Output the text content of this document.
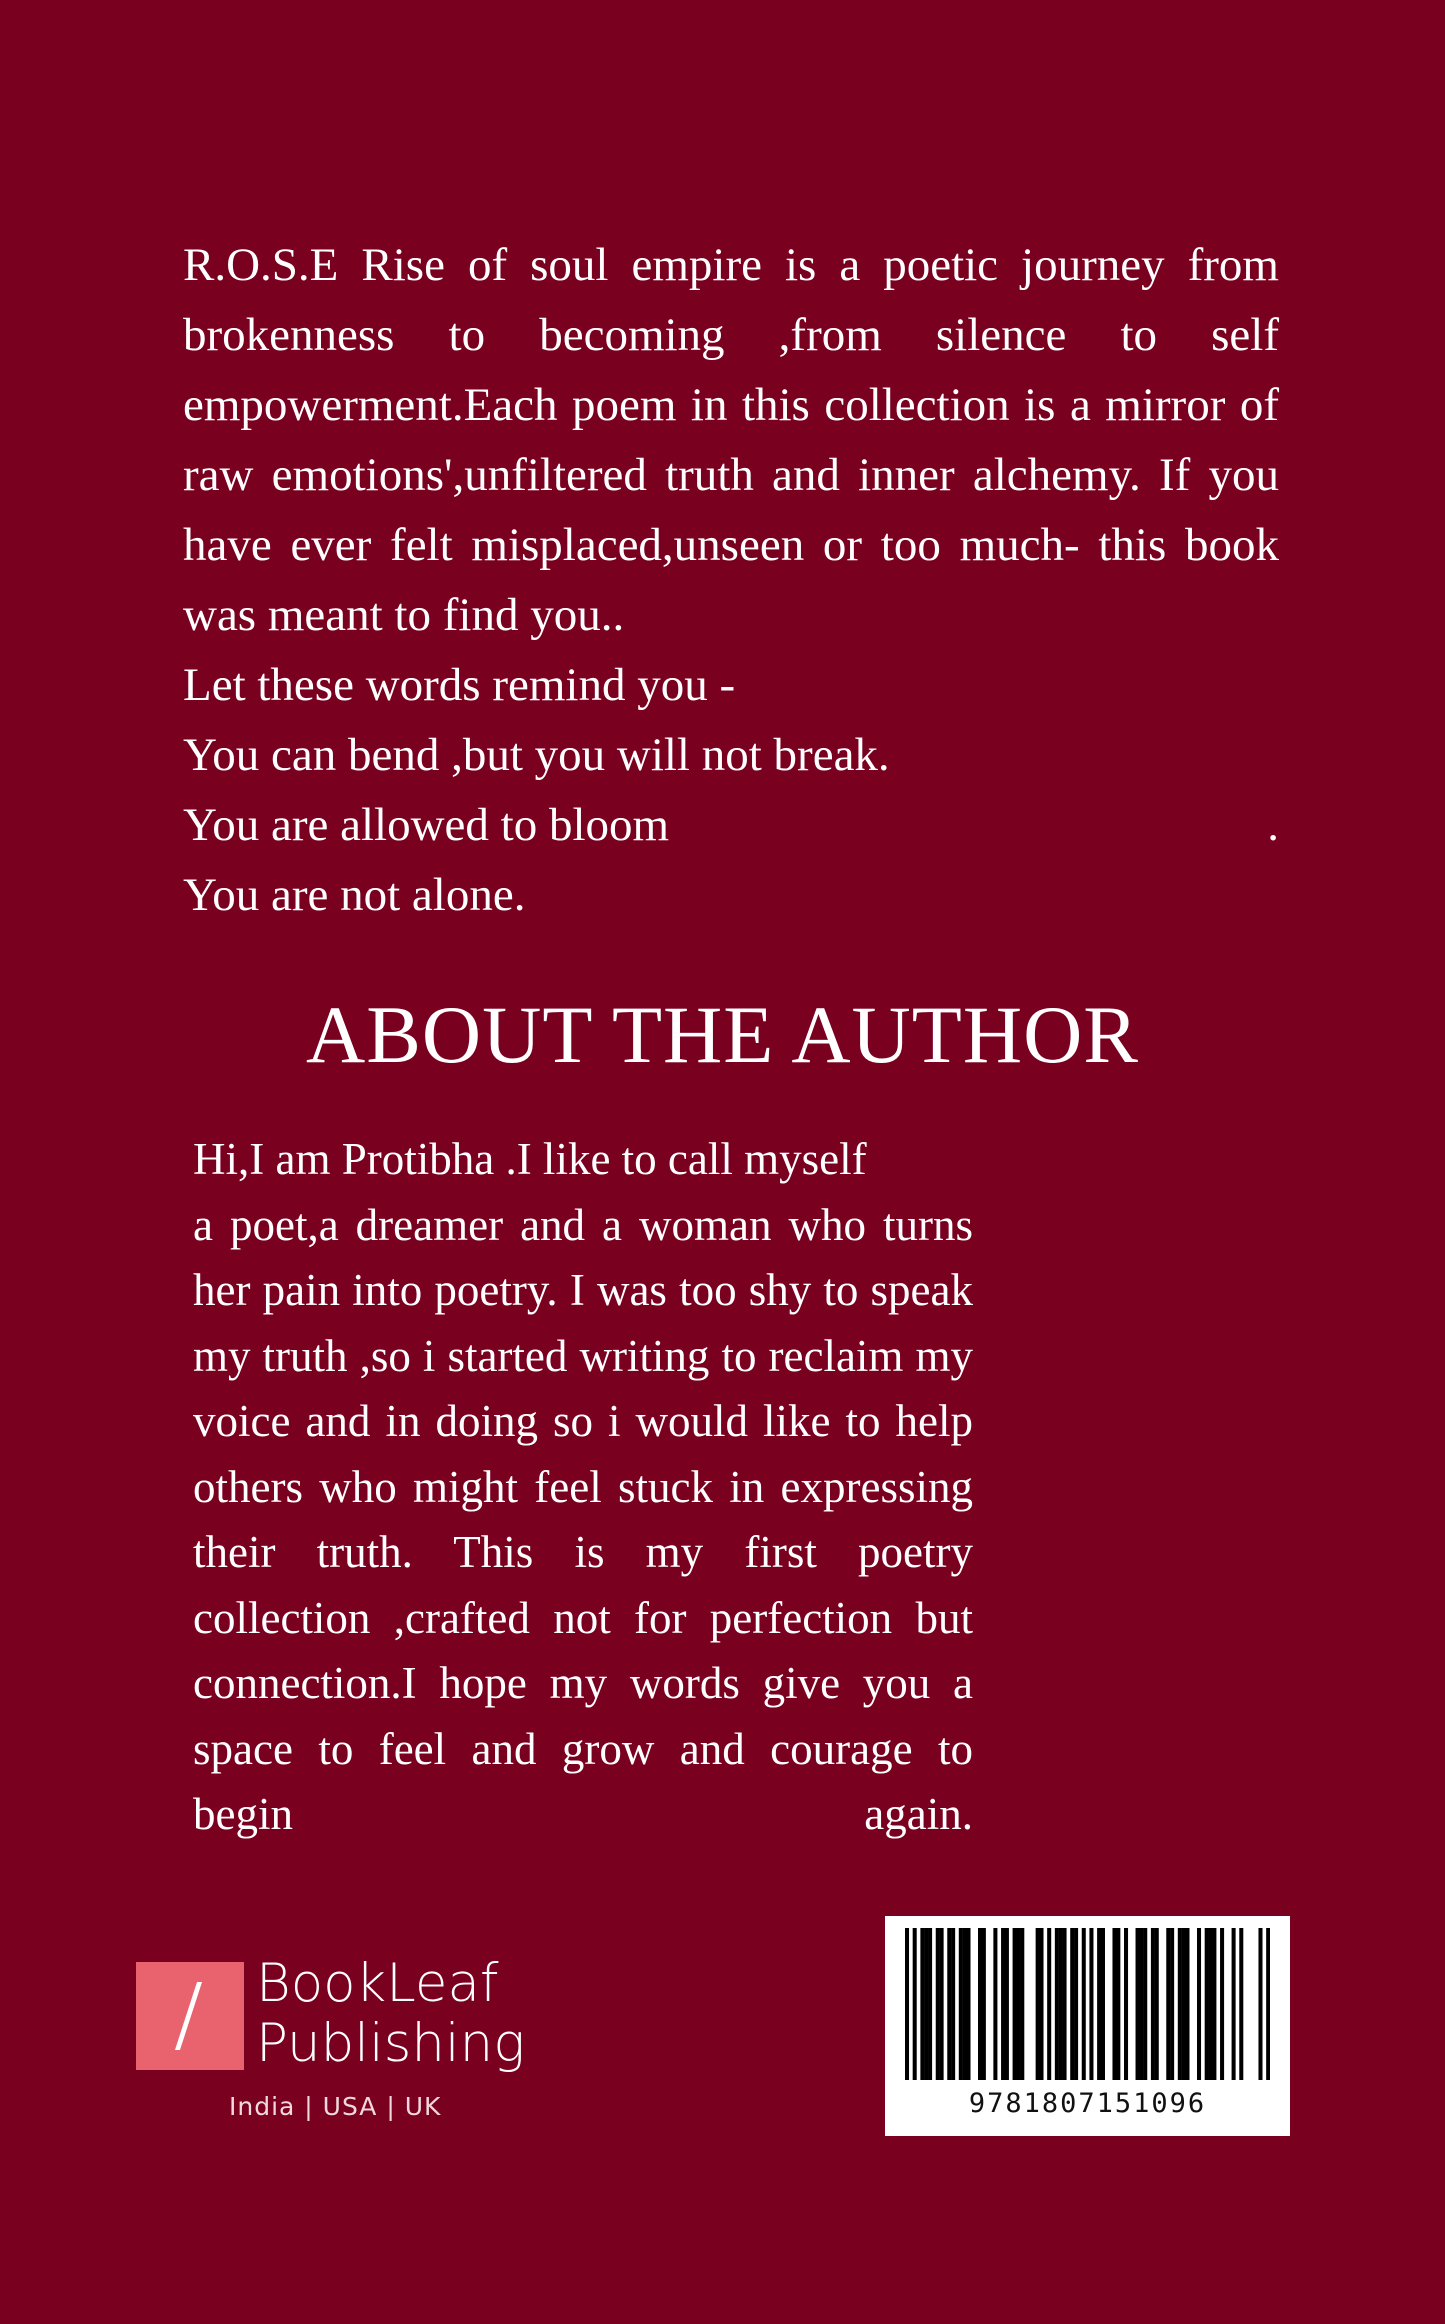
R.O.S.E Rise of soul empire is a poetic journey from brokenness to becoming ,from silence to self empowerment.Each poem in this collection is a mirror of raw emotions',unfiltered truth and inner alchemy. If you have ever felt misplaced,unseen or too much- this book was meant to find you..

Let these words remind you -

You can bend ,but you will not break.

You are allowed to bloom	.

You are not alone.

ABOUT THE AUTHOR
Hi,I am Protibha .I like to call myself
a poet,a dreamer and a woman who turns her pain into poetry. I was too shy to speak my truth ,so i started writing to reclaim my voice and in doing so i would like to help others who might feel stuck in expressing their truth. This is my first poetry collection ,crafted not for perfection but connection.I hope my words give you a space to feel and grow and courage to begin again.
BookLeaf
Publishing
India | USA | UK	9781807151096
